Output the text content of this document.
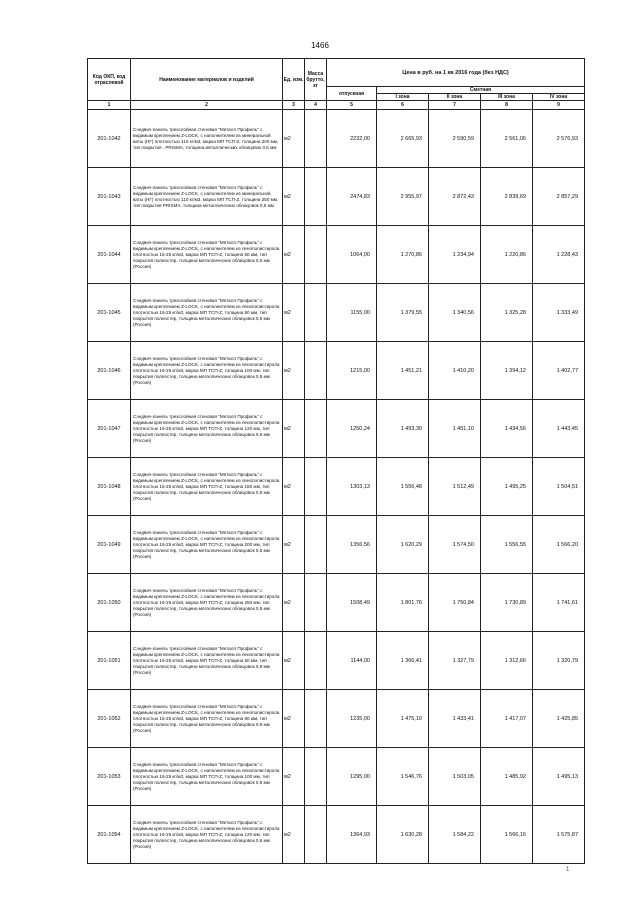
1466
Код ОКП, код отраслевой	Наименование материалов и изделий	Ед. изм.	Масса брутто, кг	Цена в руб. на 1 кв 2016 года (без НДС)				
				отпускная	Сметная			
					I зона	II зона	III зона	IV зона
1	2	3	4	5	6	7	8	9
201-1042	Сэндвич-панель трехслойная стеновая "Металл Профиль" с видимым креплением Z-LOCK, с наполнителем из минеральной ваты (НГ) плотностью 110 кг/м3, марка МП ТСП-Z, толщина 200 мм, тип покрытия , PRISMA, толщина металлических облицовок 0,5 мм	м2		2232,00	2 665,93	2 590,59	2 561,06	2 576,93
201-1043	Сэндвич-панель трехслойная стеновая "Металл Профиль" с видимым креплением Z-LOCK, с наполнителем из минеральной ваты (НГ) плотностью 110 кг/м3, марка МП ТСП-Z, толщина 250 мм, тип покрытия PRISMA, толщина металлических облицовок 0,5 мм	м2		2474,83	2 955,97	2 872,43	2 839,69	2 857,29
201-1044	Сэндвич-панель трехслойная стеновая "Металл Профиль" с видимым креплением Z-LOCK, с наполнителем из пенополистирола плотностью 16-25 кг/м3, марка МП ТСП-Z, толщина 50 мм, тип покрытия полиэстер, толщина металлических облицовок 0,5 мм (Россия)	м2		1064,00	1 270,86	1 234,94	1 220,86	1 228,43
201-1045	Сэндвич-панель трехслойная стеновая "Металл Профиль" с видимым креплением Z-LOCK, с наполнителем из пенополистирола плотностью 16-25 кг/м3, марка МП ТСП-Z, толщина 80 мм, тип покрытия полиэстер, толщина металлических облицовок 0,5 мм (Россия)	м2		1155,00	1 379,55	1 340,56	1 325,28	1 333,49
201-1046	Сэндвич-панель трехслойная стеновая "Металл Профиль" с видимым креплением Z-LOCK, с наполнителем из пенополистирола плотностью 16-25 кг/м3, марка МП ТСП-Z, толщина 100 мм, тип покрытия полиэстер, толщина металлических облицовок 0,5 мм (Россия)	м2		1215,00	1 451,21	1 410,20	1 394,12	1 402,77
201-1047	Сэндвич-панель трехслойная стеновая "Металл Профиль" с видимым креплением Z-LOCK, с наполнителем из пенополистирола плотностью 16-25 кг/м3, марка МП ТСП-Z, толщина 120 мм, тип покрытия полиэстер, толщина металлических облицовок 0,5 мм (Россия)	м2		1250,24	1 493,30	1 451,10	1 434,56	1 443,45
201-1048	Сэндвич-панель трехслойная стеновая "Металл Профиль" с видимым креплением Z-LOCK, с наполнителем из пенополистирола плотностью 16-25 кг/м3, марка МП ТСП-Z, толщина 150 мм, тип покрытия полиэстер, толщина металлических облицовок 0,5 мм (Россия)	м2		1303,13	1 556,48	1 512,49	1 495,25	1 504,51
201-1049	Сэндвич-панель трехслойная стеновая "Металл Профиль" с видимым креплением Z-LOCK, с наполнителем из пенополистирола плотностью 16-25 кг/м3, марка МП ТСП-Z, толщина 200 мм, тип покрытия полиэстер, толщина металлических облицовок 0,5 мм (Россия)	м2		1356,56	1 620,29	1 574,50	1 556,55	1 566,20
201-1050	Сэндвич-панель трехслойная стеновая "Металл Профиль" с видимым креплением Z-LOCK, с наполнителем из пенополистирола плотностью 16-25 кг/м3, марка МП ТСП-Z, толщина 250 мм, тип покрытия полиэстер, толщина металлических облицовок 0,5 мм (Россия)	м2		1508,49	1 801,76	1 750,84	1 730,89	1 741,61
201-1051	Сэндвич-панель трехслойная стеновая "Металл Профиль" с видимым креплением Z-LOCK, с наполнителем из пенополистирола плотностью 16-25 кг/м3, марка МП ТСП-Z, толщина 50 мм, тип покрытия полиэстер, толщина металлических облицовок 0,6 мм (Россия)	м2		1144,00	1 366,41	1 327,79	1 312,66	1 320,79
201-1052	Сэндвич-панель трехслойная стеновая "Металл Профиль" с видимым креплением Z-LOCK, с наполнителем из пенополистирола плотностью 16-25 кг/м3, марка МП ТСП-Z, толщина 80 мм, тип покрытия полиэстер, толщина металлических облицовок 0,6 мм (Россия)	м2		1235,00	1 475,10	1 433,41	1 417,07	1 425,85
201-1053	Сэндвич-панель трехслойная стеновая "Металл Профиль" с видимым креплением Z-LOCK, с наполнителем из пенополистирола плотностью 16-25 кг/м3, марка МП ТСП-Z, толщина 100 мм, тип покрытия полиэстер, толщина металлических облицовок 0,6 мм (Россия)	м2		1295,00	1 546,76	1 503,05	1 485,92	1 495,13
201-1054	Сэндвич-панель трехслойная стеновая "Металл Профиль" с видимым креплением Z-LOCK, с наполнителем из пенополистирола плотностью 16-25 кг/м3, марка МП ТСП-Z, толщина 120 мм, тип покрытия полиэстер, толщина металлических облицовок 0,6 мм (Россия)	м2		1364,93	1 630,28	1 584,22	1 566,16	1 575,87
1
